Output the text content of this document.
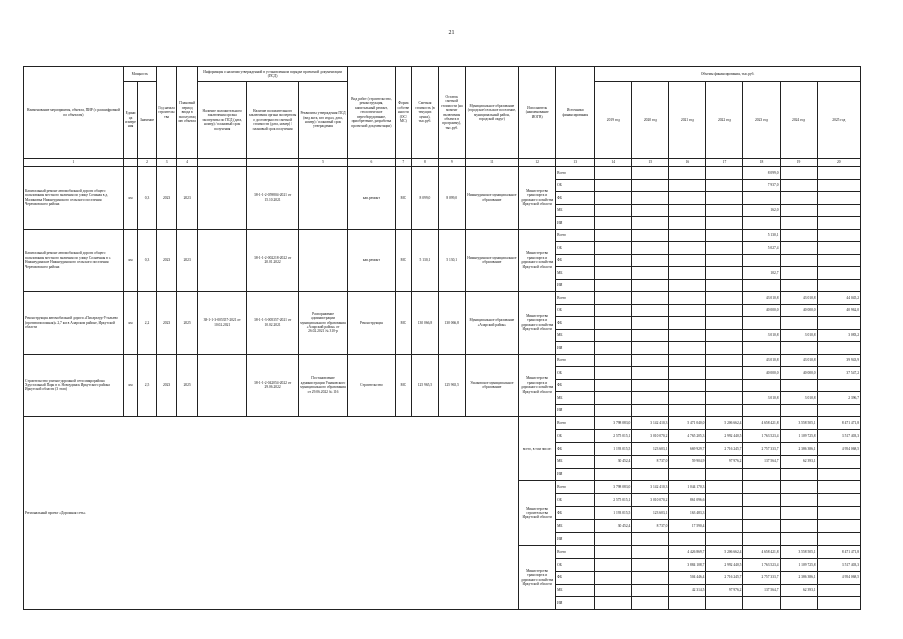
21
Наименование мероприятия, объекта, ПИР (с расшифровкой по объектам)	Мощность		Год начала строительства	Плановый период ввода в эксплуатацию объекта	Информация о наличии утвержденной в установленном порядке проектной документации (ПСД)			Вид работ (строительство, реконструкция, капитальный ремонт, геологическое переоборудование, приобретение, разработка проектной документации)	Форма собственности (ОС/МС)	Сметная стоимость (в текущих ценах), тыс.руб.	Остаток сметной стоимости (на момент включения объекта в программу), тыс.руб.	Муниципальное образование (городское/сельское поселение, муниципальный район, городской округ)	Исполнитель (наименование ИОГВ)	Источники финансирования	Объемы финансирования, тыс.руб.						
	Единица измерения	Значение			Наличие положительного заключения органа экспертизы по ПСД (дата, номер) / плановый срок получения	Наличие положительного заключения органа экспертизы о достоверности сметной стоимости (дата, номер) / плановый срок получения	Реквизиты утверждения ПСД (вид акта, кто издал, дата, номер) / плановый срок утверждения								2019 год	2020 год	2021 год	2022 год	2023 год	2024 год	2025 год
1		2	3	4			5	6	7	8	9	11	12	13	14	15	16	17	18	19	20
Капитальный ремонт автомобильной дороги общего пользования местного значения по улице Сочиная в д. Малиновка Нижнеудинского сельского поселения Черемховского района	км	0,3	2023	2023		38-1-1-2-059804-2021 от 15.10.2021		кап.ремонт	МС	8 099,0	8 099,0	Нижнеудинское муниципальное образование	Министерство транспорта и дорожного хозяйства Иркутской области	Всего					8 099,0		
														ОБ					7 937,0		
														ФБ							
														МБ					162,0		
														ИИ							
Капитальный ремонт автомобильной дороги общего пользования местного значения по улице Солнечная в с. Нижнеудинское Нижнеудинского сельского поселения Черемховского района	км	0,3	2023	2023		38-1-1-2-002218-2022 от 20.01.2022		кап.ремонт	МС	5 130,1	5 130,1	Нижнеудинское муниципальное образование	Министерство транспорта и дорожного хозяйства Иркутской области	Всего					5 130,1		
														ОБ					5 027,4		
														ФБ							
														МБ					102,7		
														ИИ							
Реконструкция автомобильной дороги «Писарьтур-Утальево (противоположная)» 2,7 км в Аларском районе, Иркутской области	км	2,2	2023	2025	38-1-1-3-005357-2021 от 10.02.2021	38-1-1-3-005357-2021 от 10.02.2021	Распоряжение администрации муниципального образования «Аларский район» от 26.02.2021 № 310-р	Реконструкция	МС	130 066,8	130 066,8	Муниципальное образование «Аларский район»	Министерство транспорта и дорожного хозяйства Иркутской области	Всего					43 010,8	43 010,8	44 045,2
														ОБ					40 000,0	40 000,0	40 962,0
														ФБ							
														МБ					3 010,8	3 010,8	3 083,2
														ИИ							
Строительство улично-дорожной сети микрорайона Хрустальный Парк в п. Новоудинск Иркутского района Иркутской области (3 этап)	км	2,5	2023	2025		38-1-1-2-042054-2022 от 29.06.2022	Постановление администрации Ушаковского муниципального образования от 29.06.2022 № 116	Строительство	МС	125 965,5	125 965,5	Ушаковское муниципальное образование	Министерство транспорта и дорожного хозяйства Иркутской области	Всего					43 010,8	43 010,8	39 943,9
														ОБ					40 000,0	40 000,0	37 547,2
														ФБ							
														МБ					3 010,8	3 010,8	2 396,7
														ИИ							
Региональный проект «Дорожная сеть»													всего, в том числе:	Всего	3 798 083,0	3 142 410,3	5 471 040,0	5 206 662,4	4 658 421,8	3 558 505,1	8 471 471,8
														ОБ	2 575 015,1	3 010 070,2	4 765 205,3	2 992 440,5	1 763 523,4	1 109 725,8	3 517 403,3
														ФБ	1 193 015,5	123 603,1	669 929,7	2 716 245,7	2 757 333,7	2 386 386,1	4 954 068,5
														МБ	30 452,4	8 737,0	59 904,9	97 976,2	137 564,7	62 393,1	
														ИИ							
													Министерство строительства Иркутской области	Всего	3 798 083,0	3 142 410,3	1 044 170,3				
														ОБ	2 575 015,1	3 010 070,2	861 096,6				
														ФБ	1 193 015,5	123 603,1	163 483,3				
														МБ	30 452,4	8 737,0	17 590,4				
														ИИ							
													Министерство транспорта и дорожного хозяйства Иркутской области	Всего			4 426 869,7	5 206 662,4	4 658 421,8	3 558 505,1	8 471 471,8
														ОБ			3 884 108,7	2 992 440,5	1 763 523,4	1 109 725,8	3 517 403,3
														ФБ			504 446,4	2 716 245,7	2 757 333,7	2 386 386,1	4 954 068,5
														МБ			42 314,5	97 976,2	137 564,7	62 393,1	
														ИИ							
